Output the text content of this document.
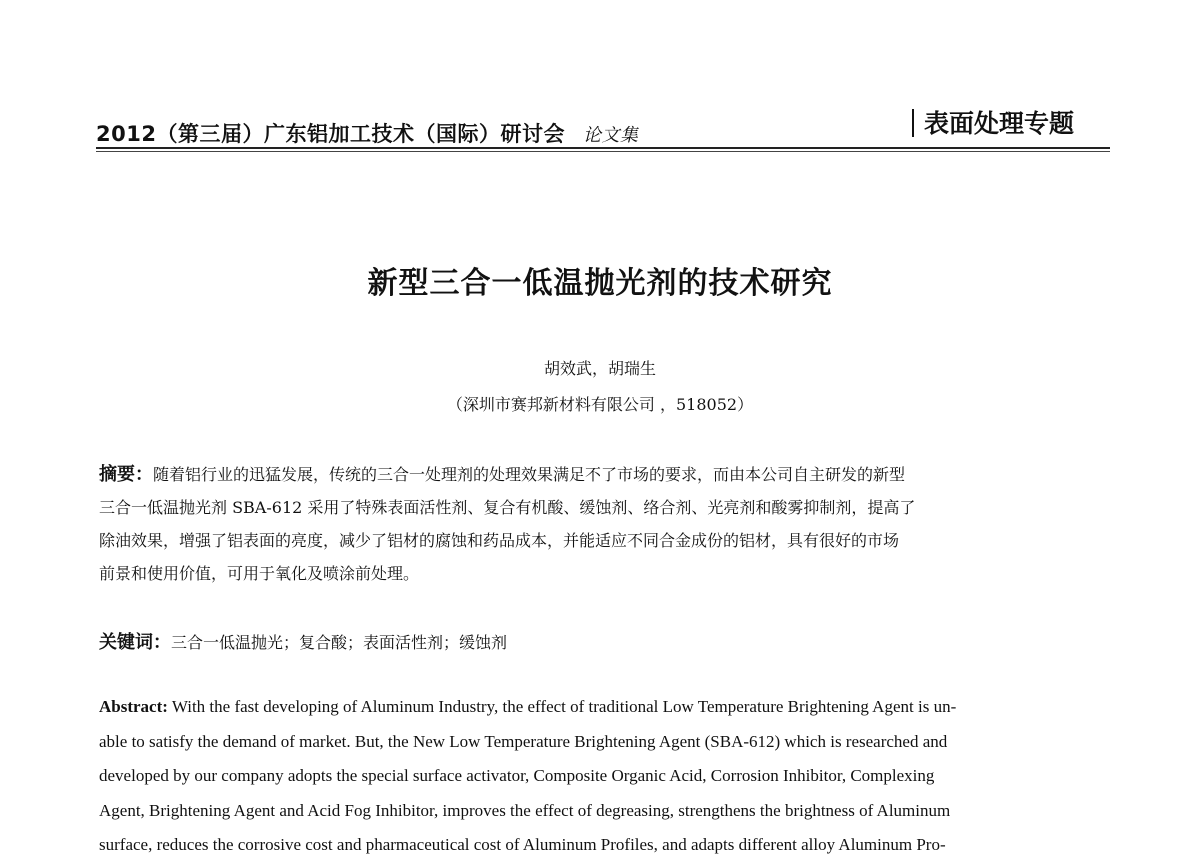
2012（第三届）广东铝加工技术（国际）研讨会 论文集	表面处理专题
新型三合一低温抛光剂的技术研究
胡效武，胡瑞生
（深圳市赛邦新材料有限公司 ，518052）
摘要：随着铝行业的迅猛发展，传统的三合一处理剂的处理效果满足不了市场的要求，而由本公司自主研发的新型
三合一低温抛光剂 SBA-612 采用了特殊表面活性剂、复合有机酸、缓蚀剂、络合剂、光亮剂和酸雾抑制剂，提高了
除油效果，增强了铝表面的亮度，减少了铝材的腐蚀和药品成本，并能适应不同合金成份的铝材，具有很好的市场
前景和使用价值，可用于氧化及喷涂前处理。
关键词：三合一低温抛光；复合酸；表面活性剂；缓蚀剂
Abstract: With the fast developing of Aluminum Industry, the effect of traditional Low Temperature Brightening Agent is un-
able to satisfy the demand of market. But, the New Low Temperature Brightening Agent (SBA-612) which is researched and
developed by our company adopts the special surface activator, Composite Organic Acid, Corrosion Inhibitor, Complexing
Agent, Brightening Agent and Acid Fog Inhibitor, improves the effect of degreasing, strengthens the brightness of Aluminum
surface, reduces the corrosive cost and pharmaceutical cost of Aluminum Profiles, and adapts different alloy Aluminum Pro-
